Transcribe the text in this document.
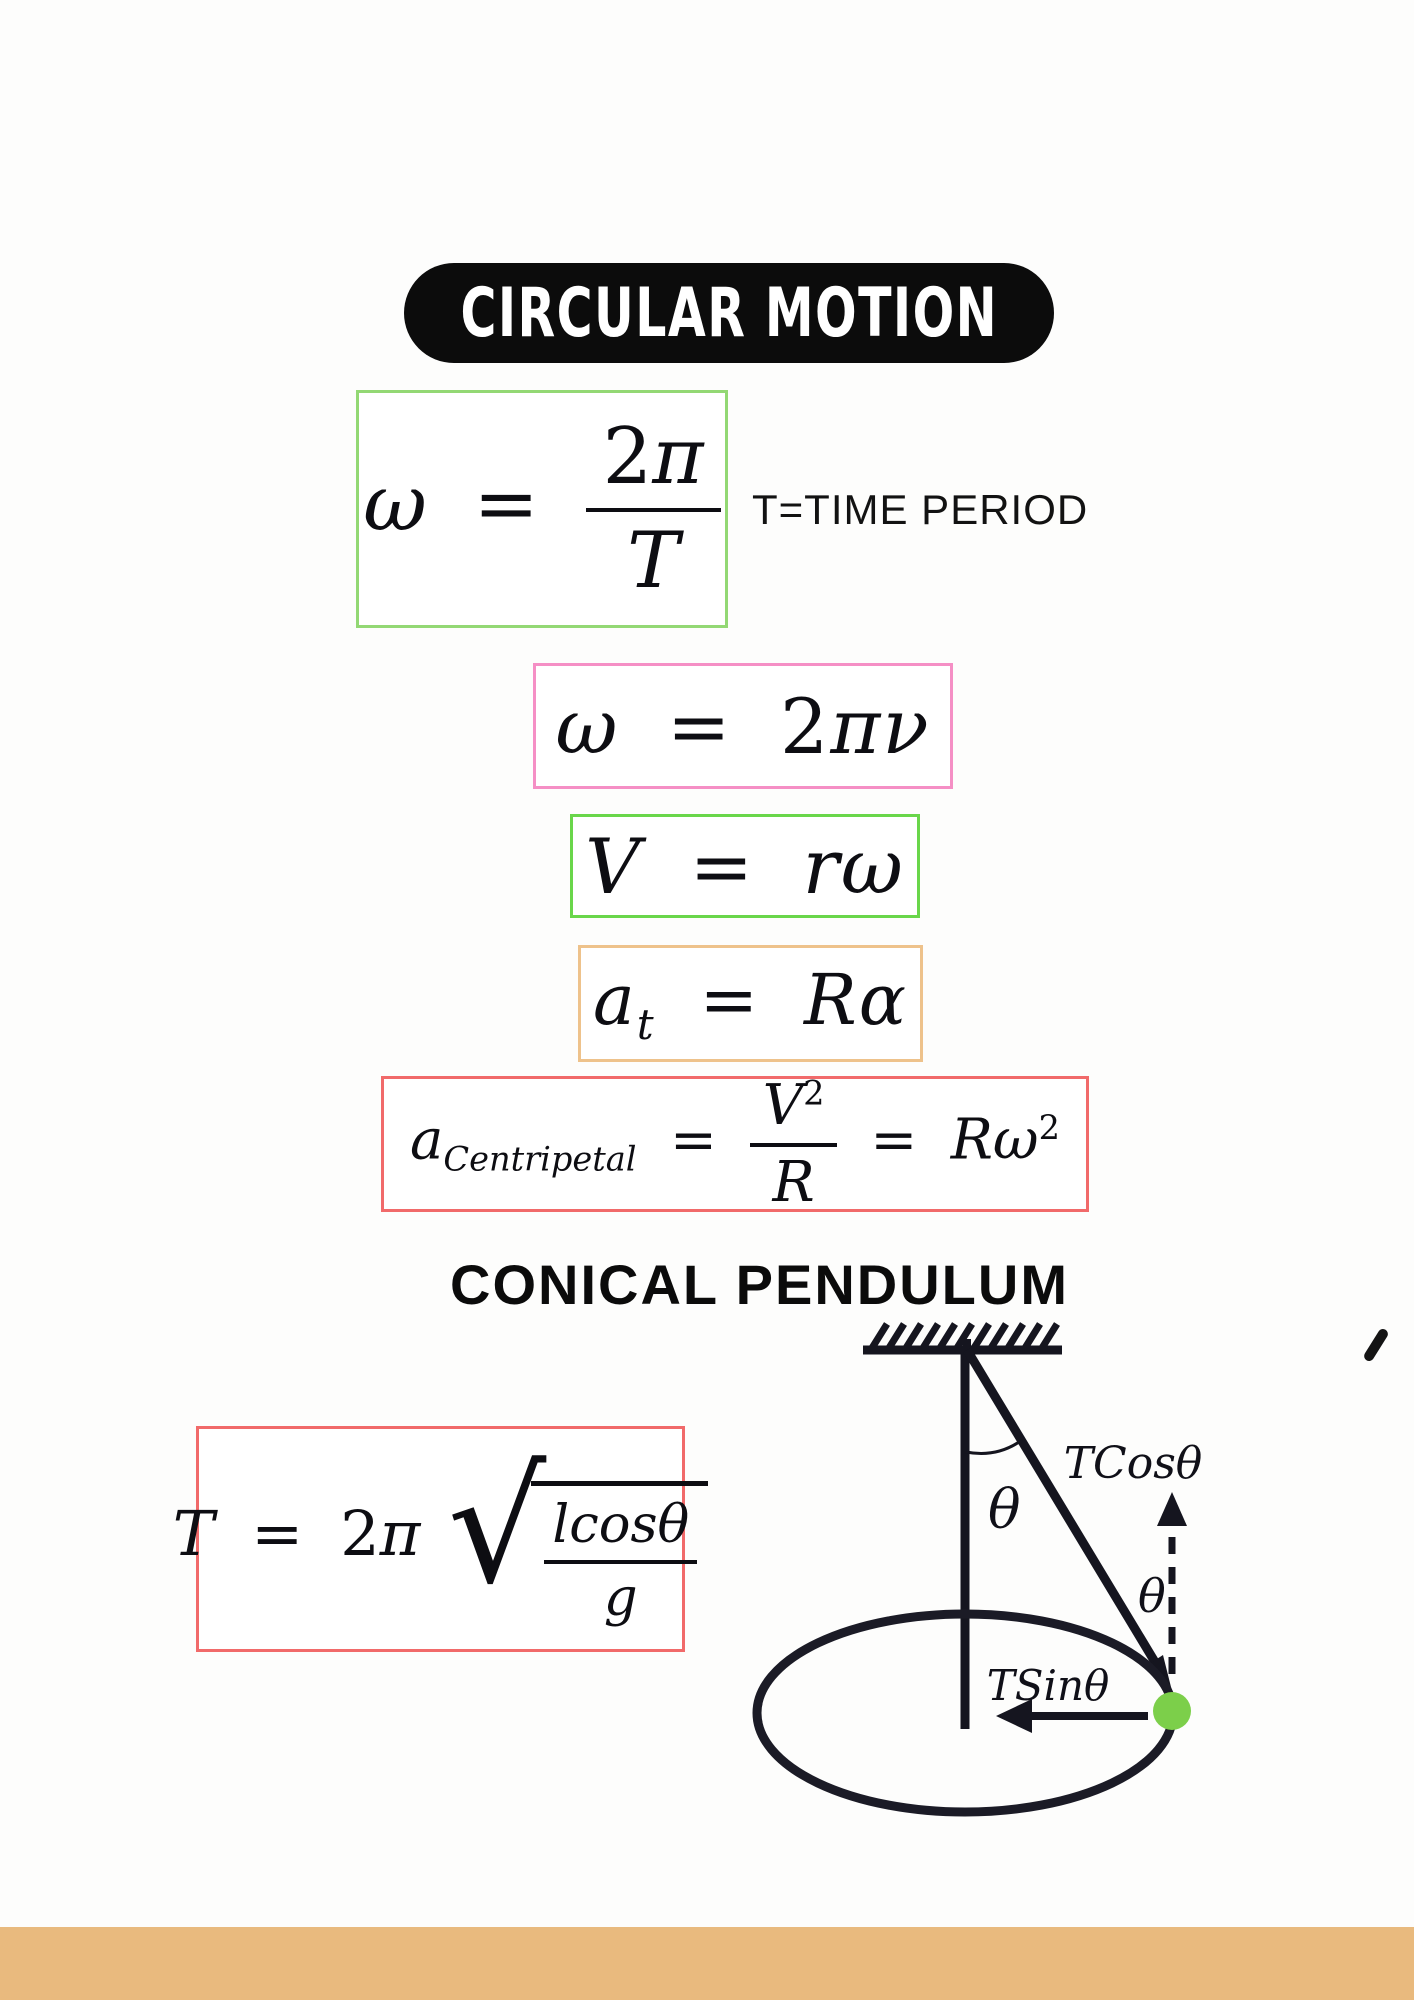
CIRCULAR MOTION
$\omega = \frac{2\pi}{T}$ T=TIME PERIOD
ω = 2πν
V = rω
$a_t = R\alpha$
$a_{Centripetal} = \frac{V^2}{R} = R\omega^2$
CONICAL PENDULUM
T = 2π √
$\frac{lcos\theta}{g}$	θ
TCosθ
θ
TSinθ
